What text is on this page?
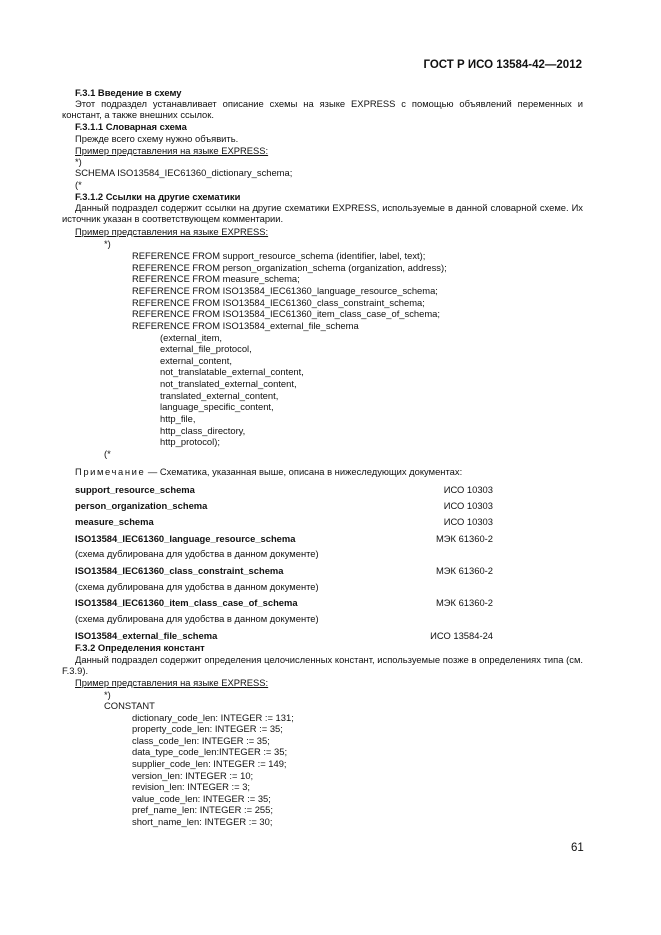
ГОСТ Р ИСО 13584-42—2012
F.3.1 Введение в схему
Этот подраздел устанавливает описание схемы на языке EXPRESS с помощью объявлений переменных и констант, а также внешних ссылок.
F.3.1.1 Словарная схема
Прежде всего схему нужно объявить.
Пример представления на языке EXPRESS:
*)
SCHEMA ISO13584_IEC61360_dictionary_schema;
(*
F.3.1.2 Ссылки на другие схематики
Данный подраздел содержит ссылки на другие схематики EXPRESS, используемые в данной словарной схеме. Их источник указан в соответствующем комментарии.
Пример представления на языке EXPRESS:
*)
REFERENCE FROM support_resource_schema (identifier, label, text);
REFERENCE FROM person_organization_schema (organization, address);
REFERENCE FROM measure_schema;
REFERENCE FROM ISO13584_IEC61360_language_resource_schema;
REFERENCE FROM ISO13584_IEC61360_class_constraint_schema;
REFERENCE FROM ISO13584_IEC61360_item_class_case_of_schema;
REFERENCE FROM ISO13584_external_file_schema
(external_item,
external_file_protocol,
external_content,
not_translatable_external_content,
not_translated_external_content,
translated_external_content,
language_specific_content,
http_file,
http_class_directory,
http_protocol);
(*
Примечание — Схематика, указанная выше, описана в нижеследующих документах:
support_resource_schema	ИСО 10303
person_organization_schema	ИСО 10303
measure_schema	ИСО 10303
ISO13584_IEC61360_language_resource_schema	МЭК 61360-2
(схема дублирована для удобства в данном документе)
ISO13584_IEC61360_class_constraint_schema	МЭК 61360-2
(схема дублирована для удобства в данном документе)
ISO13584_IEC61360_item_class_case_of_schema	МЭК 61360-2
(схема дублирована для удобства в данном документе)
ISO13584_external_file_schema	ИСО 13584-24
F.3.2 Определения констант
Данный подраздел содержит определения целочисленных констант, используемые позже в определениях типа (см. F.3.9).
Пример представления на языке EXPRESS:
*)
CONSTANT
dictionary_code_len: INTEGER := 131;
property_code_len: INTEGER := 35;
class_code_len: INTEGER := 35;
data_type_code_len:INTEGER := 35;
supplier_code_len: INTEGER := 149;
version_len: INTEGER := 10;
revision_len: INTEGER := 3;
value_code_len: INTEGER := 35;
pref_name_len: INTEGER := 255;
short_name_len: INTEGER := 30;
61
